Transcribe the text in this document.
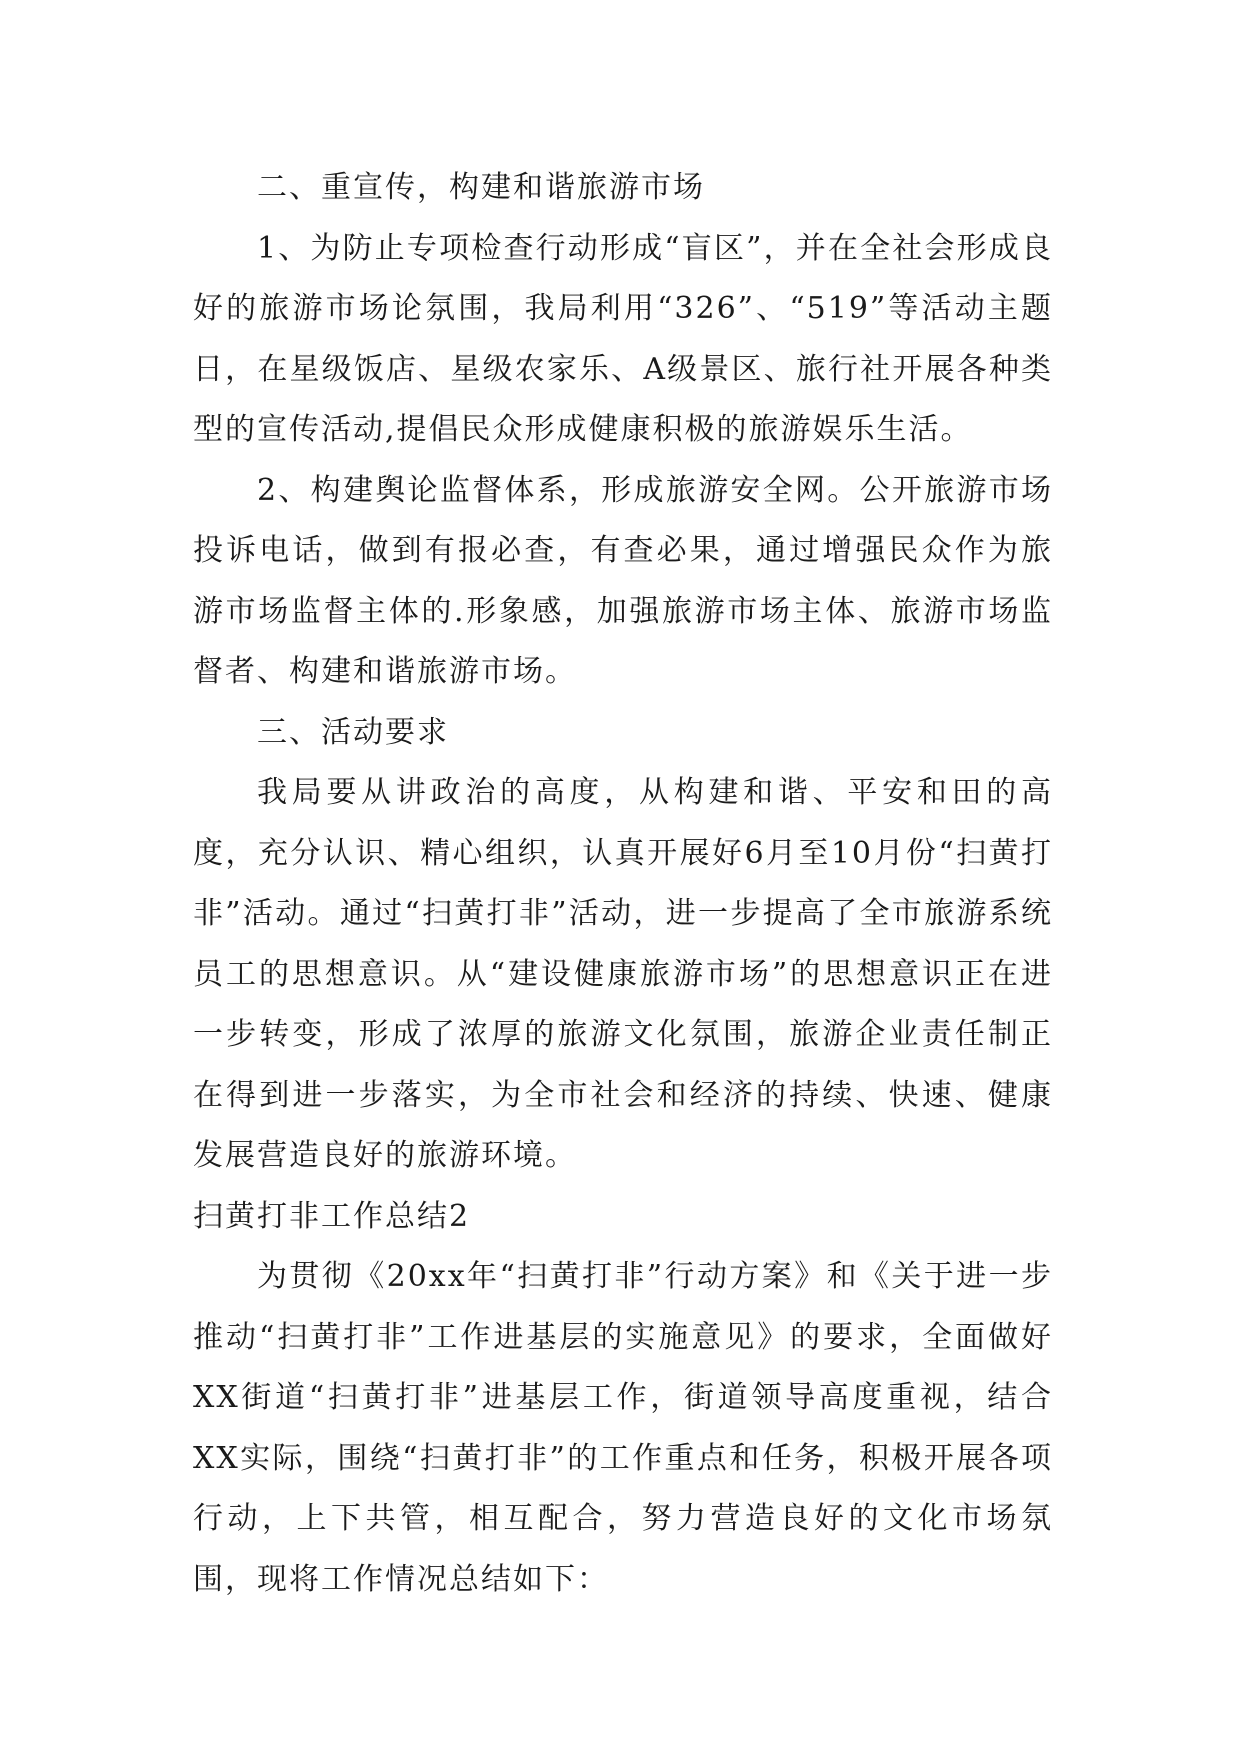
二、重宣传，构建和谐旅游市场

1、为防止专项检查行动形成“盲区”，并在全社会形成良好的旅游市场论氛围，我局利用“326”、“519”等活动主题日，在星级饭店、星级农家乐、A级景区、旅行社开展各种类型的宣传活动,提倡民众形成健康积极的旅游娱乐生活。

2、构建舆论监督体系，形成旅游安全网。公开旅游市场投诉电话，做到有报必查，有查必果，通过增强民众作为旅游市场监督主体的.形象感，加强旅游市场主体、旅游市场监督者、构建和谐旅游市场。

三、活动要求

我局要从讲政治的高度，从构建和谐、平安和田的高度，充分认识、精心组织，认真开展好6月至10月份“扫黄打非”活动。通过“扫黄打非”活动，进一步提高了全市旅游系统员工的思想意识。从“建设健康旅游市场”的思想意识正在进一步转变，形成了浓厚的旅游文化氛围，旅游企业责任制正在得到进一步落实，为全市社会和经济的持续、快速、健康发展营造良好的旅游环境。

扫黄打非工作总结2

为贯彻《20xx年“扫黄打非”行动方案》和《关于进一步推动“扫黄打非”工作进基层的实施意见》的要求，全面做好XX街道“扫黄打非”进基层工作，街道领导高度重视，结合XX实际，围绕“扫黄打非”的工作重点和任务，积极开展各项行动，上下共管，相互配合，努力营造良好的文化市场氛围，现将工作情况总结如下：
